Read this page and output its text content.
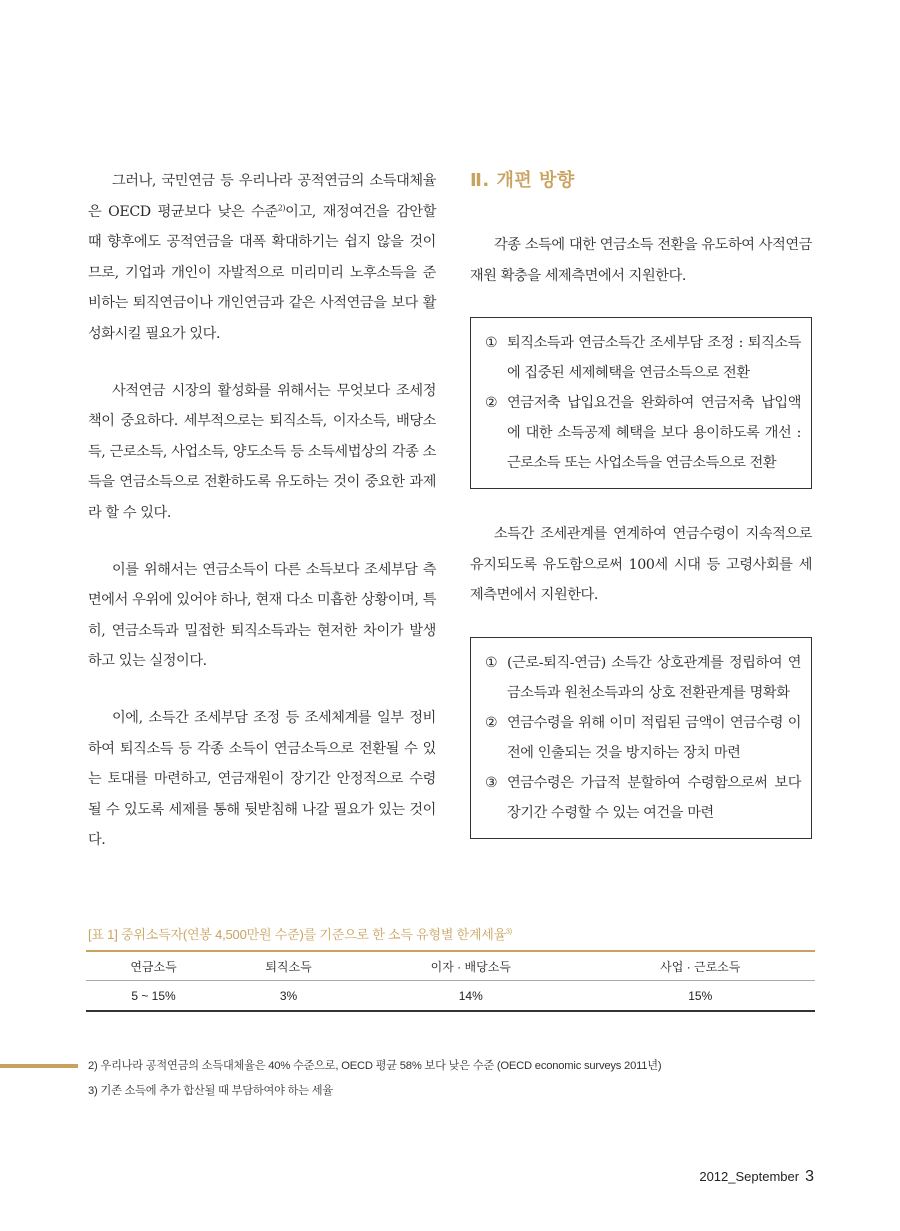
그러나, 국민연금 등 우리나라 공적연금의 소득대체율은 OECD 평균보다 낮은 수준$^{2)}$이고, 재정여건을 감안할 때 향후에도 공적연금을 대폭 확대하기는 쉽지 않을 것이므로, 기업과 개인이 자발적으로 미리미리 노후소득을 준비하는 퇴직연금이나 개인연금과 같은 사적연금을 보다 활성화시킬 필요가 있다.

사적연금 시장의 활성화를 위해서는 무엇보다 조세정책이 중요하다. 세부적으로는 퇴직소득, 이자소득, 배당소득, 근로소득, 사업소득, 양도소득 등 소득세법상의 각종 소득을 연금소득으로 전환하도록 유도하는 것이 중요한 과제라 할 수 있다.

이를 위해서는 연금소득이 다른 소득보다 조세부담 측면에서 우위에 있어야 하나, 현재 다소 미흡한 상황이며, 특히, 연금소득과 밀접한 퇴직소득과는 현저한 차이가 발생하고 있는 실정이다.

이에, 소득간 조세부담 조정 등 조세체계를 일부 정비하여 퇴직소득 등 각종 소득이 연금소득으로 전환될 수 있는 토대를 마련하고, 연금재원이 장기간 안정적으로 수령될 수 있도록 세제를 통해 뒷받침해 나갈 필요가 있는 것이다.

Ⅱ. 개편 방향

각종 소득에 대한 연금소득 전환을 유도하여 사적연금재원 확충을 세제측면에서 지원한다.

① 퇴직소득과 연금소득간 조세부담 조정 : 퇴직소득에 집중된 세제혜택을 연금소득으로 전환
② 연금저축 납입요건을 완화하여 연금저축 납입액에 대한 소득공제 혜택을 보다 용이하도록 개선 : 근로소득 또는 사업소득을 연금소득으로 전환

소득간 조세관계를 연계하여 연금수령이 지속적으로 유지되도록 유도함으로써 100세 시대 등 고령사회를 세제측면에서 지원한다.

① (근로-퇴직-연금) 소득간 상호관계를 정립하여 연금소득과 원천소득과의 상호 전환관계를 명확화
② 연금수령을 위해 이미 적립된 금액이 연금수령 이전에 인출되는 것을 방지하는 장치 마련
③ 연금수령은 가급적 분할하여 수령함으로써 보다 장기간 수령할 수 있는 여건을 마련
[표 1] 중위소득자(연봉 4,500만원 수준)를 기준으로 한 소득 유형별 한계세율$^{3)}$
연금소득	퇴직소득	이자 · 배당소득	사업 · 근로소득
5 ~ 15%	3%	14%	15%

2) 우리나라 공적연금의 소득대체율은 40% 수준으로, OECD 평균 58% 보다 낮은 수준 (OECD economic surveys 2011년)

3) 기존 소득에 추가 합산될 때 부담하여야 하는 세율

2012_September 3
